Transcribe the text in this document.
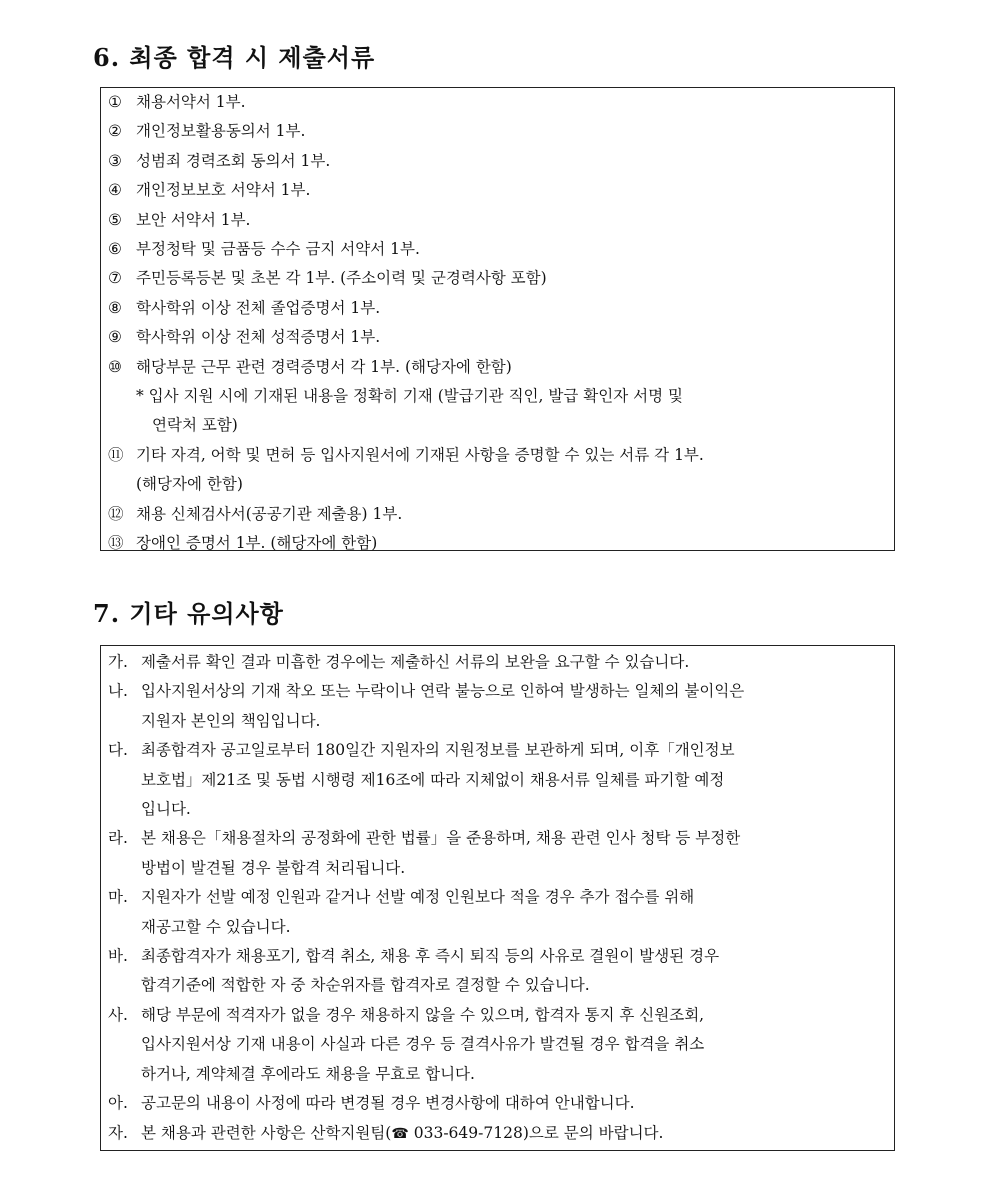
6. 최종 합격 시 제출서류
① 채용서약서 1부.
② 개인정보활용동의서 1부.
③ 성범죄 경력조회 동의서 1부.
④ 개인정보보호 서약서 1부.
⑤ 보안 서약서 1부.
⑥ 부정청탁 및 금품등 수수 금지 서약서 1부.
⑦ 주민등록등본 및 초본 각 1부. (주소이력 및 군경력사항 포함)
⑧ 학사학위 이상 전체 졸업증명서 1부.
⑨ 학사학위 이상 전체 성적증명서 1부.
⑩ 해당부문 근무 관련 경력증명서 각 1부. (해당자에 한함)
* 입사 지원 시에 기재된 내용을 정확히 기재 (발급기관 직인, 발급 확인자 서명 및
연락처 포함)
⑪ 기타 자격, 어학 및 면허 등 입사지원서에 기재된 사항을 증명할 수 있는 서류 각 1부.
(해당자에 한함)
⑫ 채용 신체검사서(공공기관 제출용) 1부.
⑬ 장애인 증명서 1부. (해당자에 한함)
7. 기타 유의사항
가. 제출서류 확인 결과 미흡한 경우에는 제출하신 서류의 보완을 요구할 수 있습니다.
나. 입사지원서상의 기재 착오 또는 누락이나 연락 불능으로 인하여 발생하는 일체의 불이익은
지원자 본인의 책임입니다.
다. 최종합격자 공고일로부터 180일간 지원자의 지원정보를 보관하게 되며, 이후「개인정보
보호법」제21조 및 동법 시행령 제16조에 따라 지체없이 채용서류 일체를 파기할 예정
입니다.
라. 본 채용은「채용절차의 공정화에 관한 법률」을 준용하며, 채용 관련 인사 청탁 등 부정한
방법이 발견될 경우 불합격 처리됩니다.
마. 지원자가 선발 예정 인원과 같거나 선발 예정 인원보다 적을 경우 추가 접수를 위해
재공고할 수 있습니다.
바. 최종합격자가 채용포기, 합격 취소, 채용 후 즉시 퇴직 등의 사유로 결원이 발생된 경우
합격기준에 적합한 자 중 차순위자를 합격자로 결정할 수 있습니다.
사. 해당 부문에 적격자가 없을 경우 채용하지 않을 수 있으며, 합격자 통지 후 신원조회,
입사지원서상 기재 내용이 사실과 다른 경우 등 결격사유가 발견될 경우 합격을 취소
하거나, 계약체결 후에라도 채용을 무효로 합니다.
아. 공고문의 내용이 사정에 따라 변경될 경우 변경사항에 대하여 안내합니다.
자. 본 채용과 관련한 사항은 산학지원팀(☎ 033-649-7128)으로 문의 바랍니다.
